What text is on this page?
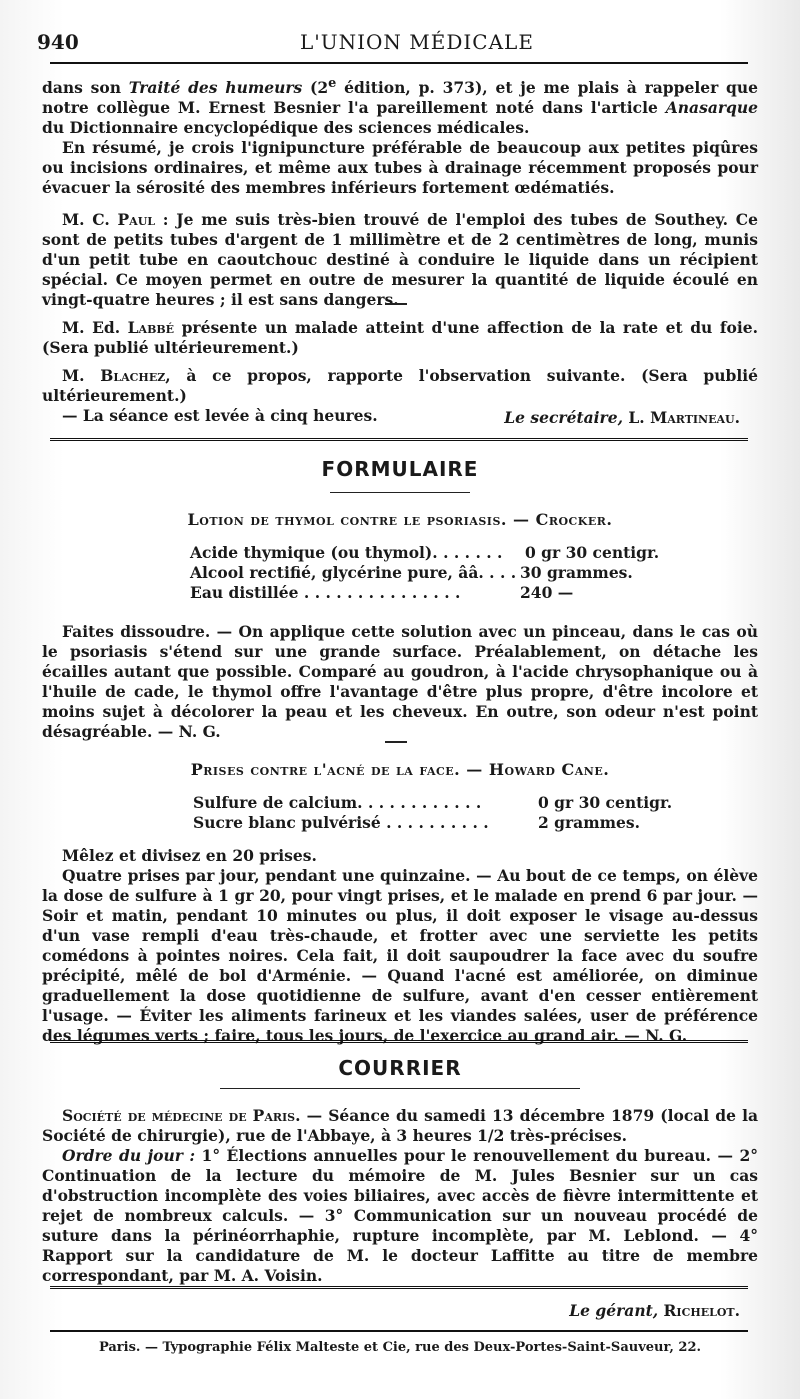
940	L'UNION MÉDICALE

dans son Traité des humeurs (2e édition, p. 373), et je me plais à rappeler que notre collègue M. Ernest Besnier l'a pareillement noté dans l'article Anasarque du Dictionnaire encyclopédique des sciences médicales.

En résumé, je crois l'ignipuncture préférable de beaucoup aux petites piqûres ou incisions ordinaires, et même aux tubes à drainage récemment proposés pour évacuer la sérosité des membres inférieurs fortement œdématiés.

M. C. Paul : Je me suis très-bien trouvé de l'emploi des tubes de Southey. Ce sont de petits tubes d'argent de 1 millimètre et de 2 centimètres de long, munis d'un petit tube en caoutchouc destiné à conduire le liquide dans un récipient spécial. Ce moyen permet en outre de mesurer la quantité de liquide écoulé en vingt-quatre heures ; il est sans dangers.

M. Ed. Labbé présente un malade atteint d'une affection de la rate et du foie. (Sera publié ultérieurement.)

M. Blachez, à ce propos, rapporte l'observation suivante. (Sera publié ultérieurement.)

— La séance est levée à cinq heures.	Le secrétaire, L. Martineau.
FORMULAIRE
Lotion de thymol contre le psoriasis. — Crocker.
Acide thymique (ou thymol). . . . . . . 0 gr 30 centigr.
Alcool rectifié, glycérine pure, ââ. . . . 30 grammes.
Eau distillée . . . . . . . . . . . . . . .	240 —

Faites dissoudre. — On applique cette solution avec un pinceau, dans le cas où le psoriasis s'étend sur une grande surface. Préalablement, on détache les écailles autant que possible. Comparé au goudron, à l'acide chrysophanique ou à l'huile de cade, le thymol offre l'avantage d'être plus propre, d'être incolore et moins sujet à décolorer la peau et les cheveux. En outre, son odeur n'est point désagréable. — N. G.

Prises contre l'acné de la face. — Howard Cane.
Sulfure de calcium. . . . . . . . . . . .	0 gr 30 centigr.
Sucre blanc pulvérisé . . . . . . . . . .	2 grammes.

Mêlez et divisez en 20 prises.

Quatre prises par jour, pendant une quinzaine. — Au bout de ce temps, on élève la dose de sulfure à 1 gr 20, pour vingt prises, et le malade en prend 6 par jour. — Soir et matin, pendant 10 minutes ou plus, il doit exposer le visage au-dessus d'un vase rempli d'eau très-chaude, et frotter avec une serviette les petits comédons à pointes noires. Cela fait, il doit saupoudrer la face avec du soufre précipité, mêlé de bol d'Arménie. — Quand l'acné est améliorée, on diminue graduellement la dose quotidienne de sulfure, avant d'en cesser entièrement l'usage. — Éviter les aliments farineux et les viandes salées, user de préférence des légumes verts ; faire, tous les jours, de l'exercice au grand air. — N. G.

COURRIER

Société de médecine de Paris. — Séance du samedi 13 décembre 1879 (local de la Société de chirurgie), rue de l'Abbaye, à 3 heures 1/2 très-précises.

Ordre du jour : 1° Élections annuelles pour le renouvellement du bureau. — 2° Continuation de la lecture du mémoire de M. Jules Besnier sur un cas d'obstruction incomplète des voies biliaires, avec accès de fièvre intermittente et rejet de nombreux calculs. — 3° Communication sur un nouveau procédé de suture dans la périnéorrhaphie, rupture incomplète, par M. Leblond. — 4° Rapport sur la candidature de M. le docteur Laffitte au titre de membre correspondant, par M. A. Voisin.

Le gérant, Richelot.
Paris. — Typographie Félix Malteste et Cie, rue des Deux-Portes-Saint-Sauveur, 22.
